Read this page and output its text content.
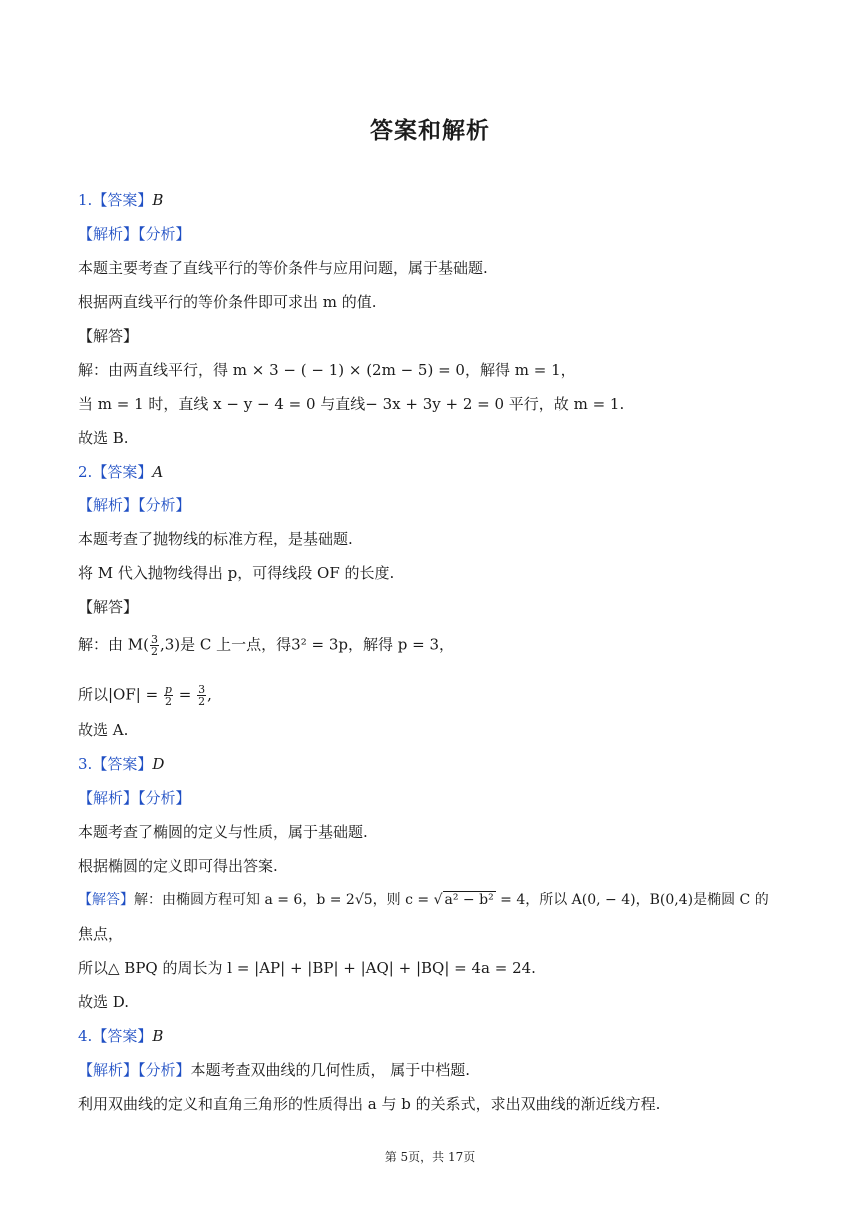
答案和解析
1.【答案】B
【解析】【分析】
本题主要考查了直线平行的等价条件与应用问题，属于基础题.
根据两直线平行的等价条件即可求出 m 的值.
【解答】
解：由两直线平行，得 m × 3 − ( − 1) × (2m − 5) = 0，解得 m = 1，
当 m = 1 时，直线 x − y − 4 = 0 与直线− 3x + 3y + 2 = 0 平行，故 m = 1.
故选 B.
2.【答案】A
【解析】【分析】
本题考查了抛物线的标准方程，是基础题.
将 M 代入抛物线得出 p，可得线段 OF 的长度.
【解答】
解：由 $M( \frac{3}{2} ,3)$是 C 上一点，得3² = 3p，解得 p = 3，
所以$|OF| = \frac{p}{2} = \frac{3}{2}$ ,
故选 A.
3.【答案】D
【解析】【分析】
本题考查了椭圆的定义与性质，属于基础题.
根据椭圆的定义即可得出答案.
【解答】解：由椭圆方程可知 a = 6，b = 2√5，则 c = √ a² − b² = 4，所以 A(0, − 4)，B(0,4)是椭圆 C 的
焦点，
所以△ BPQ 的周长为 l = |AP| + |BP| + |AQ| + |BQ| = 4a = 24.
故选 D.
4.【答案】B
【解析】【分析】本题考查双曲线的几何性质， 属于中档题.
利用双曲线的定义和直角三角形的性质得出 a 与 b 的关系式，求出双曲线的渐近线方程.
第 5页，共 17页
